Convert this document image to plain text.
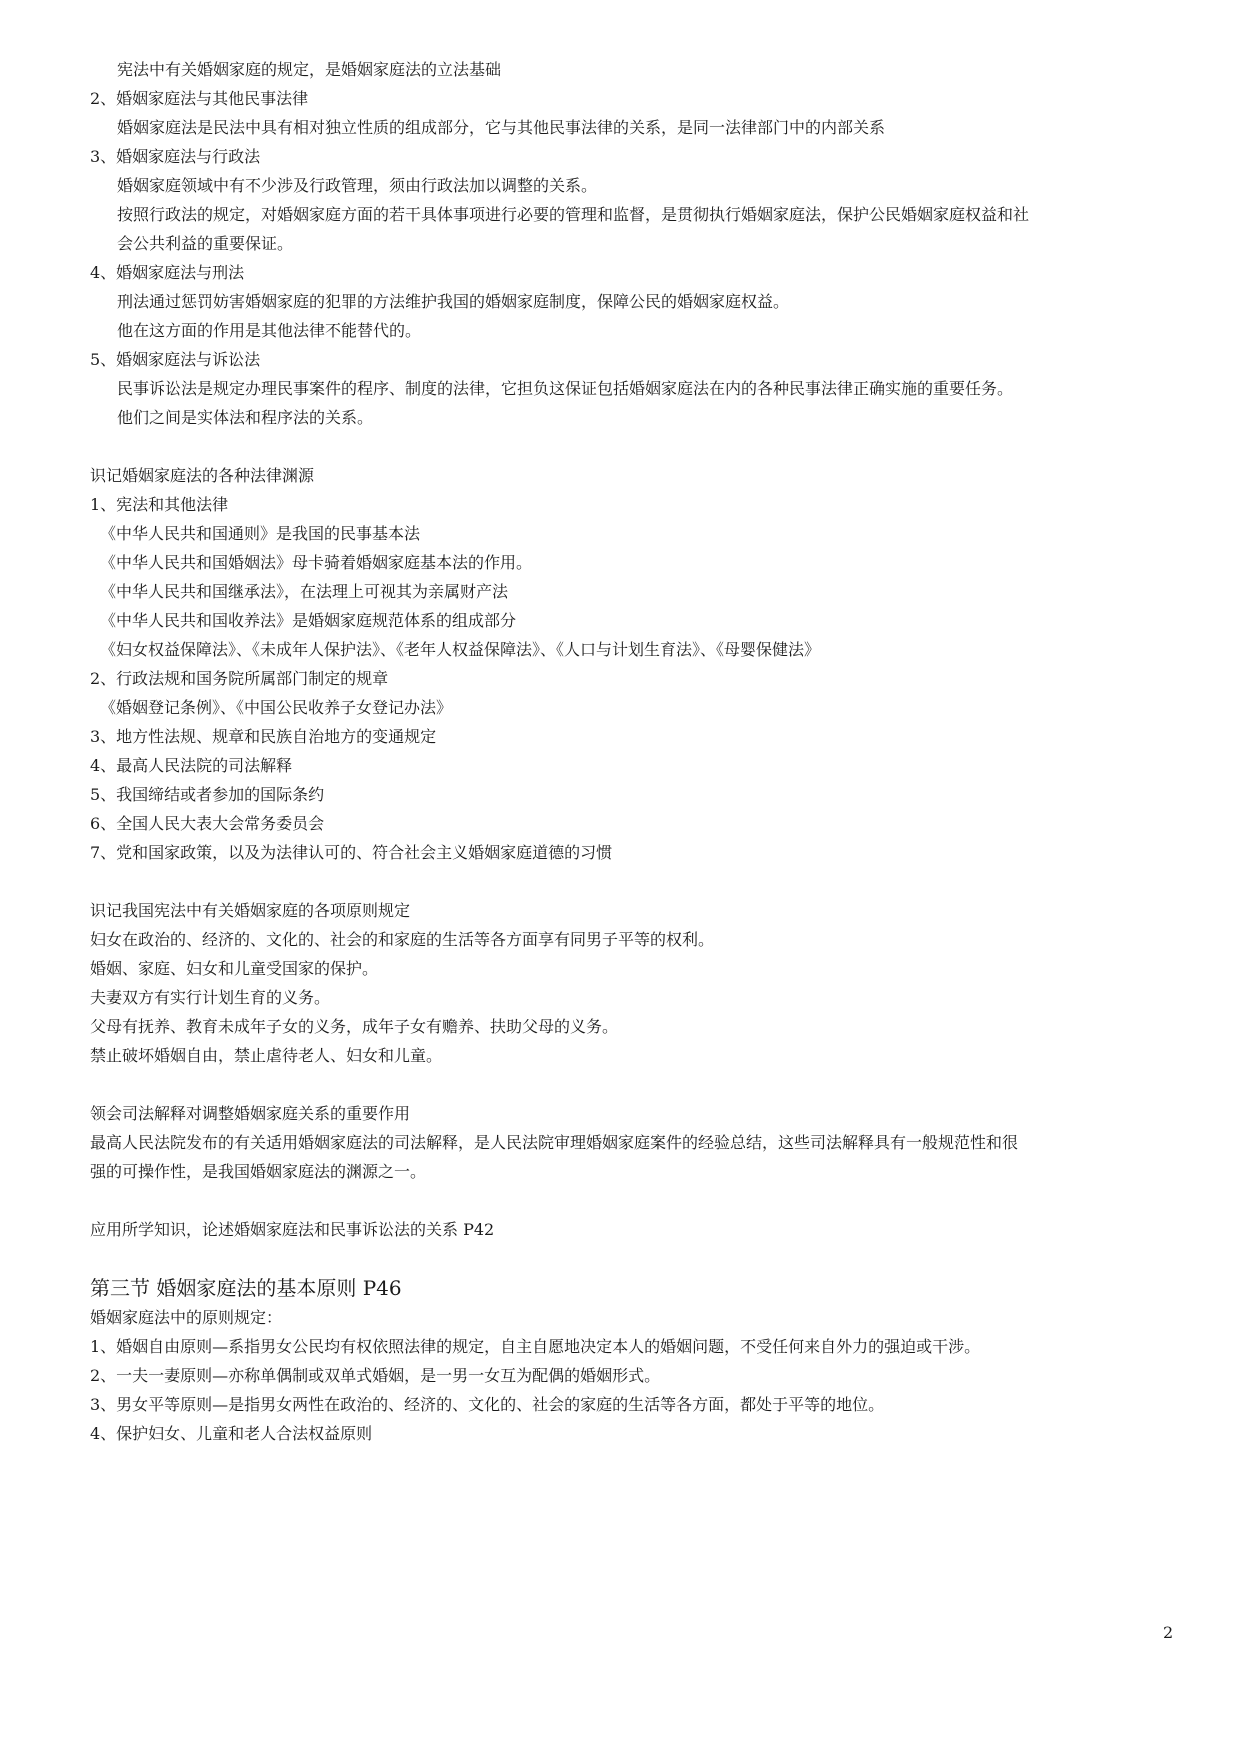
宪法中有关婚姻家庭的规定，是婚姻家庭法的立法基础
2、婚姻家庭法与其他民事法律
婚姻家庭法是民法中具有相对独立性质的组成部分，它与其他民事法律的关系，是同一法律部门中的内部关系
3、婚姻家庭法与行政法
婚姻家庭领域中有不少涉及行政管理，须由行政法加以调整的关系。
按照行政法的规定，对婚姻家庭方面的若干具体事项进行必要的管理和监督，是贯彻执行婚姻家庭法，保护公民婚姻家庭权益和社
会公共利益的重要保证。
4、婚姻家庭法与刑法
刑法通过惩罚妨害婚姻家庭的犯罪的方法维护我国的婚姻家庭制度，保障公民的婚姻家庭权益。
他在这方面的作用是其他法律不能替代的。
5、婚姻家庭法与诉讼法
民事诉讼法是规定办理民事案件的程序、制度的法律，它担负这保证包括婚姻家庭法在内的各种民事法律正确实施的重要任务。
他们之间是实体法和程序法的关系。
识记婚姻家庭法的各种法律渊源
1、宪法和其他法律
《中华人民共和国通则》是我国的民事基本法
《中华人民共和国婚姻法》母卡骑着婚姻家庭基本法的作用。
《中华人民共和国继承法》，在法理上可视其为亲属财产法
《中华人民共和国收养法》是婚姻家庭规范体系的组成部分
《妇女权益保障法》、《未成年人保护法》、《老年人权益保障法》、《人口与计划生育法》、《母婴保健法》
2、行政法规和国务院所属部门制定的规章
《婚姻登记条例》、《中国公民收养子女登记办法》
3、地方性法规、规章和民族自治地方的变通规定
4、最高人民法院的司法解释
5、我国缔结或者参加的国际条约
6、全国人民大表大会常务委员会
7、党和国家政策，以及为法律认可的、符合社会主义婚姻家庭道德的习惯
识记我国宪法中有关婚姻家庭的各项原则规定
妇女在政治的、经济的、文化的、社会的和家庭的生活等各方面享有同男子平等的权利。
婚姻、家庭、妇女和儿童受国家的保护。
夫妻双方有实行计划生育的义务。
父母有抚养、教育未成年子女的义务，成年子女有赡养、扶助父母的义务。
禁止破坏婚姻自由，禁止虐待老人、妇女和儿童。
领会司法解释对调整婚姻家庭关系的重要作用
最高人民法院发布的有关适用婚姻家庭法的司法解释，是人民法院审理婚姻家庭案件的经验总结，这些司法解释具有一般规范性和很
强的可操作性，是我国婚姻家庭法的渊源之一。
应用所学知识，论述婚姻家庭法和民事诉讼法的关系 P42
第三节 婚姻家庭法的基本原则 P46
婚姻家庭法中的原则规定：
1、婚姻自由原则—系指男女公民均有权依照法律的规定，自主自愿地决定本人的婚姻问题，不受任何来自外力的强迫或干涉。
2、一夫一妻原则—亦称单偶制或双单式婚姻，是一男一女互为配偶的婚姻形式。
3、男女平等原则—是指男女两性在政治的、经济的、文化的、社会的家庭的生活等各方面，都处于平等的地位。
4、保护妇女、儿童和老人合法权益原则
2
